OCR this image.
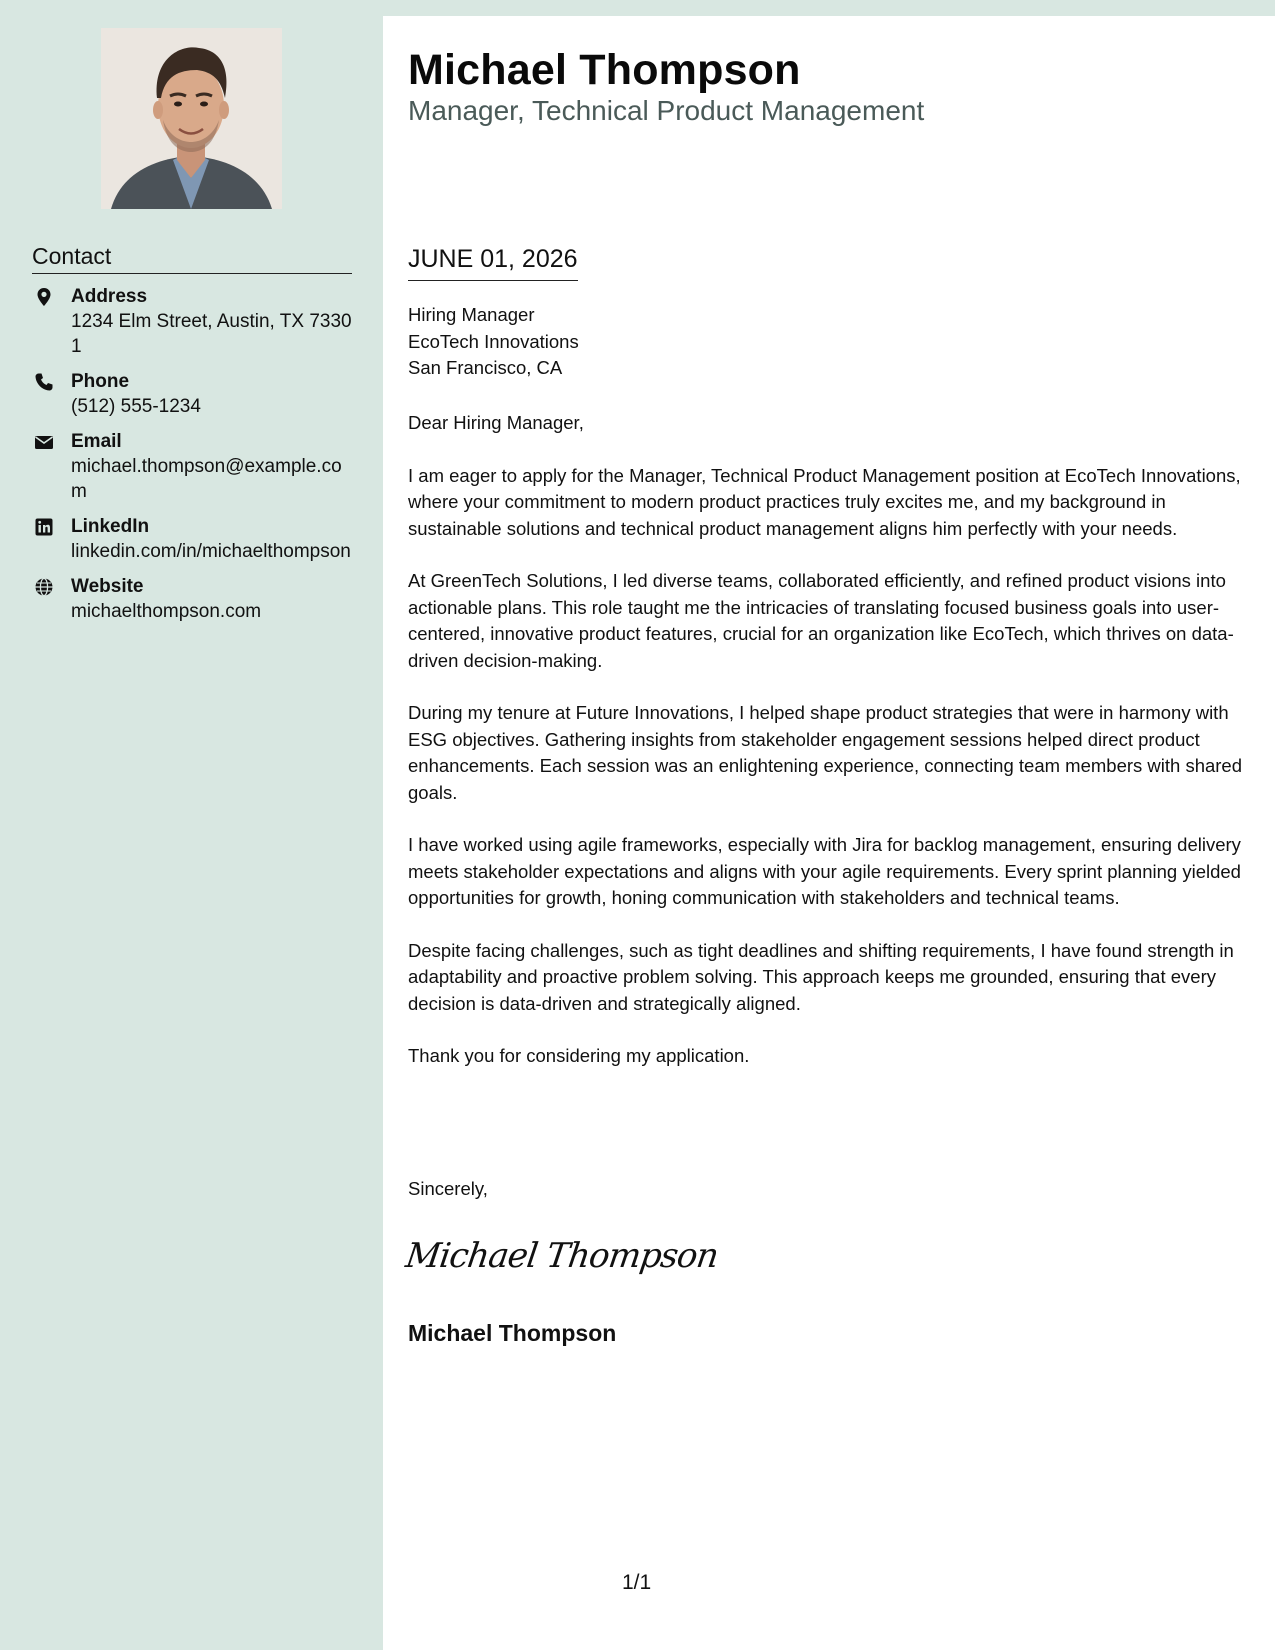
Contact
Address
1234 Elm Street, Austin, TX 73301
Phone
(512) 555-1234
Email
michael.thompson@example.com
LinkedIn
linkedin.com/in/michaelthompson
Website
michaelthompson.com
Michael Thompson
Manager, Technical Product Management
JUNE 01, 2026
Hiring Manager
EcoTech Innovations
San Francisco, CA

Dear Hiring Manager,

I am eager to apply for the Manager, Technical Product Management position at EcoTech Innovations, where your commitment to modern product practices truly excites me, and my background in sustainable solutions and technical product management aligns him perfectly with your needs.

At GreenTech Solutions, I led diverse teams, collaborated efficiently, and refined product visions into actionable plans. This role taught me the intricacies of translating focused business goals into user-centered, innovative product features, crucial for an organization like EcoTech, which thrives on data-driven decision-making.

During my tenure at Future Innovations, I helped shape product strategies that were in harmony with ESG objectives. Gathering insights from stakeholder engagement sessions helped direct product enhancements. Each session was an enlightening experience, connecting team members with shared goals.

I have worked using agile frameworks, especially with Jira for backlog management, ensuring delivery meets stakeholder expectations and aligns with your agile requirements. Every sprint planning yielded opportunities for growth, honing communication with stakeholders and technical teams.

Despite facing challenges, such as tight deadlines and shifting requirements, I have found strength in adaptability and proactive problem solving. This approach keeps me grounded, ensuring that every decision is data-driven and strategically aligned.

Thank you for considering my application.

Sincerely,
Michael Thompson
Michael Thompson
1/1
